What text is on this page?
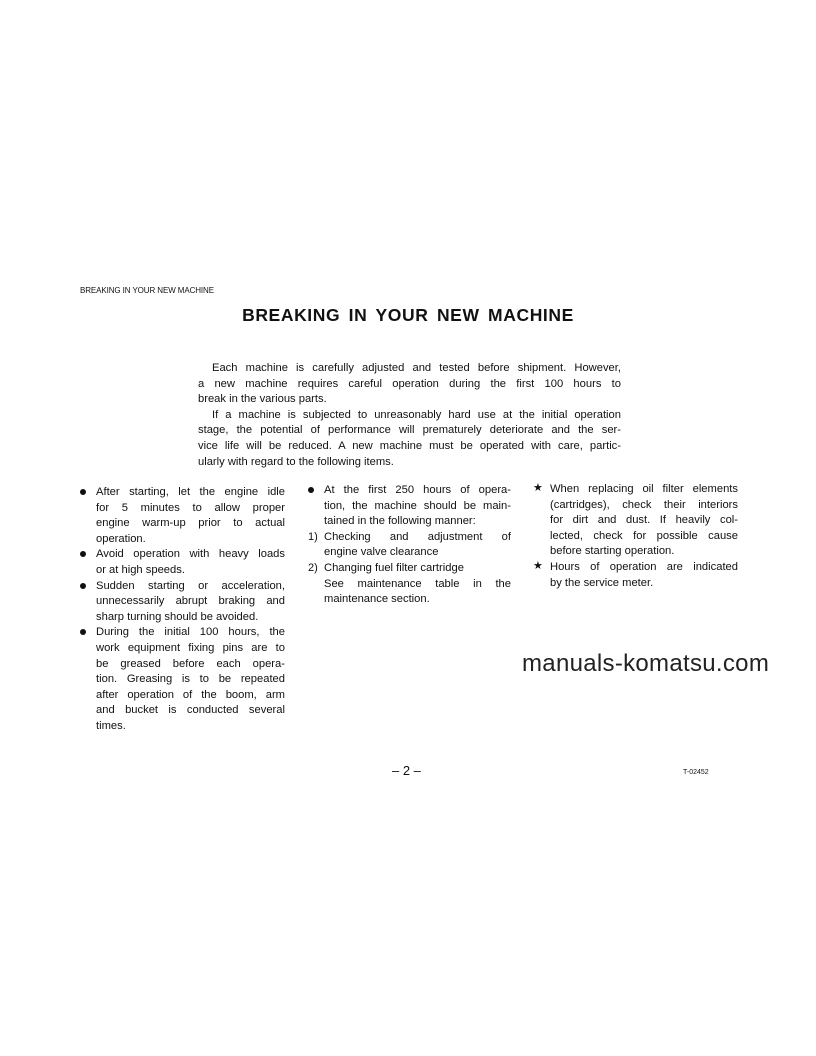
BREAKING IN YOUR NEW MACHINE
BREAKING IN YOUR NEW MACHINE
Each machine is carefully adjusted and tested before shipment. However,
a new machine requires careful operation during the first 100 hours to
break in the various parts.
If a machine is subjected to unreasonably hard use at the initial operation
stage, the potential of performance will prematurely deteriorate and the ser-
vice life will be reduced. A new machine must be operated with care, partic-
ularly with regard to the following items.
After starting, let the engine idle
for 5 minutes to allow proper
engine warm-up prior to actual
operation.
Avoid operation with heavy loads
or at high speeds.
Sudden starting or acceleration,
unnecessarily abrupt braking and
sharp turning should be avoided.
During the initial 100 hours, the
work equipment fixing pins are to
be greased before each opera-
tion. Greasing is to be repeated
after operation of the boom, arm
and bucket is conducted several
times.
At the first 250 hours of opera-
tion, the machine should be main-
tained in the following manner:
1) Checking and adjustment of
engine valve clearance
2) Changing fuel filter cartridge
See maintenance table in the
maintenance section.
★ When replacing oil filter elements
(cartridges), check their interiors
for dirt and dust. If heavily col-
lected, check for possible cause
before starting operation.
★ Hours of operation are indicated
by the service meter.
manuals-komatsu.com
– 2 –	T-02452
